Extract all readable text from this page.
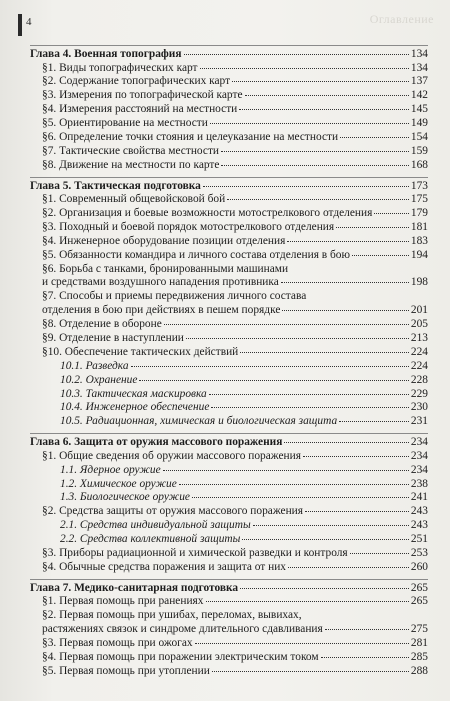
4	Оглавление
Глава 4. Военная топография	134
§1. Виды топографических карт	134
§2. Содержание топографических карт	137
§3. Измерения по топографической карте	142
§4. Измерения расстояний на местности	145
§5. Ориентирование на местности	149
§6. Определение точки стояния и целеуказание на местности	154
§7. Тактические свойства местности	159
§8. Движение на местности по карте	168
Глава 5. Тактическая подготовка	173
§1. Современный общевойсковой бой	175
§2. Организация и боевые возможности мотострелкового отделения	179
§3. Походный и боевой порядок мотострелкового отделения	181
§4. Инженерное оборудование позиции отделения	183
§5. Обязанности командира и личного состава отделения в бою	194
§6. Борьба с танками, бронированными машинами
и средствами воздушного нападения противника	198
§7. Способы и приемы передвижения личного состава
отделения в бою при действиях в пешем порядке	201
§8. Отделение в обороне	205
§9. Отделение в наступлении	213
§10. Обеспечение тактических действий	224
10.1. Разведка	224
10.2. Охранение	228
10.3. Тактическая маскировка	229
10.4. Инженерное обеспечение	230
10.5. Радиационная, химическая и биологическая защита	231
Глава 6. Защита от оружия массового поражения	234
§1. Общие сведения об оружии массового поражения	234
1.1. Ядерное оружие	234
1.2. Химическое оружие	238
1.3. Биологическое оружие	241
§2. Средства защиты от оружия массового поражения	243
2.1. Средства индивидуальной защиты	243
2.2. Средства коллективной защиты	251
§3. Приборы радиационной и химической разведки и контроля	253
§4. Обычные средства поражения и защита от них	260
Глава 7. Медико-санитарная подготовка	265
§1. Первая помощь при ранениях	265
§2. Первая помощь при ушибах, переломах, вывихах,
растяжениях связок и синдроме длительного сдавливания	275
§3. Первая помощь при ожогах	281
§4. Первая помощь при поражении электрическим током	285
§5. Первая помощь при утоплении	288
